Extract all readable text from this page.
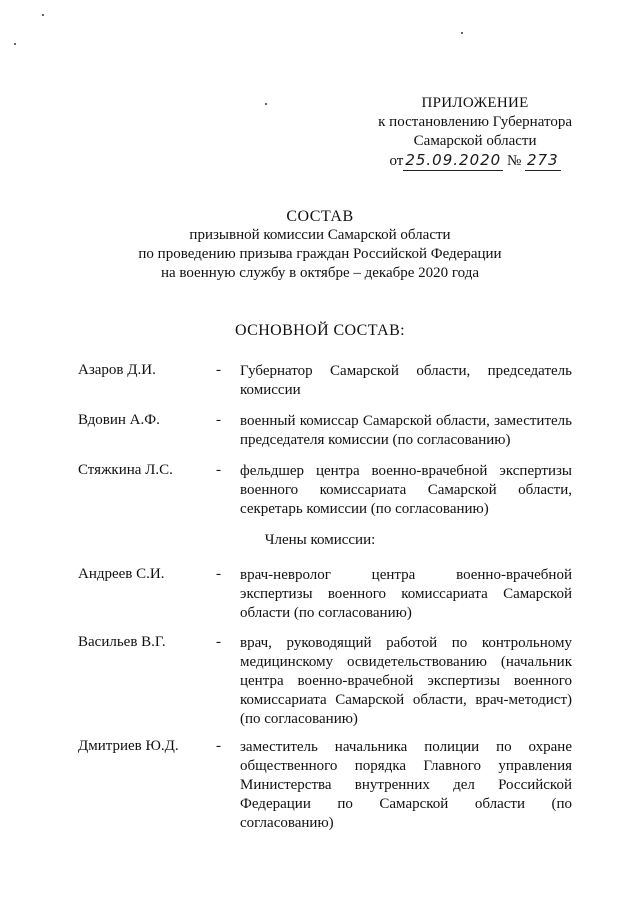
ПРИЛОЖЕНИЕ
к постановлению Губернатора
Самарской области
от 25.09.2020 № 273
СОСТАВ
призывной комиссии Самарской области
по проведению призыва граждан Российской Федерации
на военную службу в октябре – декабре 2020 года
ОСНОВНОЙ СОСТАВ:
Азаров Д.И.	- Губернатор Самарской области, председатель комиссии
Вдовин А.Ф.	- военный комиссар Самарской области, заместитель председателя комиссии (по согласованию)
Стяжкина Л.С.	- фельдшер центра военно-врачебной экспертизы военного комиссариата Самарской области, секретарь комиссии (по согласованию)
Члены комиссии:
Андреев С.И.	- врач-невролог центра военно-врачебной экспертизы военного комиссариата Самарской области (по согласованию)
Васильев В.Г.	- врач, руководящий работой по контрольному медицинскому освидетельствованию (начальник центра военно-врачебной экспертизы военного комиссариата Самарской области, врач-методист) (по согласованию)
Дмитриев Ю.Д. - заместитель начальника полиции по охране общественного порядка Главного управления Министерства внутренних дел Российской Федерации по Самарской области (по согласованию)
